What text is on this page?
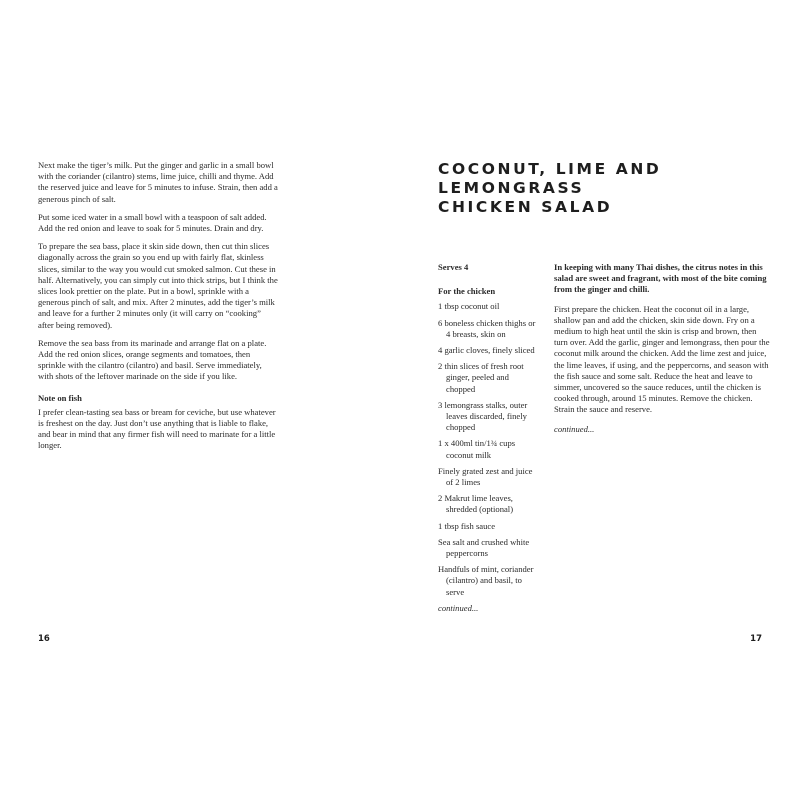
Next make the tiger’s milk. Put the ginger and garlic in a small bowl with the coriander (cilantro) stems, lime juice, chilli and thyme. Add the reserved juice and leave for 5 minutes to infuse. Strain, then add a generous pinch of salt.

Put some iced water in a small bowl with a teaspoon of salt added. Add the red onion and leave to soak for 5 minutes. Drain and dry.

To prepare the sea bass, place it skin side down, then cut thin slices diagonally across the grain so you end up with fairly flat, skinless slices, similar to the way you would cut smoked salmon. Cut these in half. Alternatively, you can simply cut into thick strips, but I think the slices look prettier on the plate. Put in a bowl, sprinkle with a generous pinch of salt, and mix. After 2 minutes, add the tiger’s milk and leave for a further 2 minutes only (it will carry on “cooking” after being removed).

Remove the sea bass from its marinade and arrange flat on a plate. Add the red onion slices, orange segments and tomatoes, then sprinkle with the cilantro (cilantro) and basil. Serve immediately, with shots of the leftover marinade on the side if you like.

Note on fish

I prefer clean-tasting sea bass or bream for ceviche, but use whatever is freshest on the day. Just don’t use anything that is liable to flake, and bear in mind that any firmer fish will need to marinate for a little longer.

16
COCONUT, LIME AND LEMONGRASS
CHICKEN SALAD
Serves 4
For the chicken
1 tbsp coconut oil
6 boneless chicken thighs or 4 breasts, skin on
4 garlic cloves, finely sliced
2 thin slices of fresh root ginger, peeled and chopped
3 lemongrass stalks, outer leaves discarded, finely chopped
1 x 400ml tin/1¾ cups coconut milk
Finely grated zest and juice of 2 limes
2 Makrut lime leaves, shredded (optional)
1 tbsp fish sauce
Sea salt and crushed white peppercorns
Handfuls of mint, coriander (cilantro) and basil, to serve
continued...

In keeping with many Thai dishes, the citrus notes in this salad are sweet and fragrant, with most of the bite coming from the ginger and chilli.

First prepare the chicken. Heat the coconut oil in a large, shallow pan and add the chicken, skin side down. Fry on a medium to high heat until the skin is crisp and brown, then turn over. Add the garlic, ginger and lemongrass, then pour the coconut milk around the chicken. Add the lime zest and juice, the lime leaves, if using, and the peppercorns, and season with the fish sauce and some salt. Reduce the heat and leave to simmer, uncovered so the sauce reduces, until the chicken is cooked through, around 15 minutes. Remove the chicken. Strain the sauce and reserve.

continued...
17
